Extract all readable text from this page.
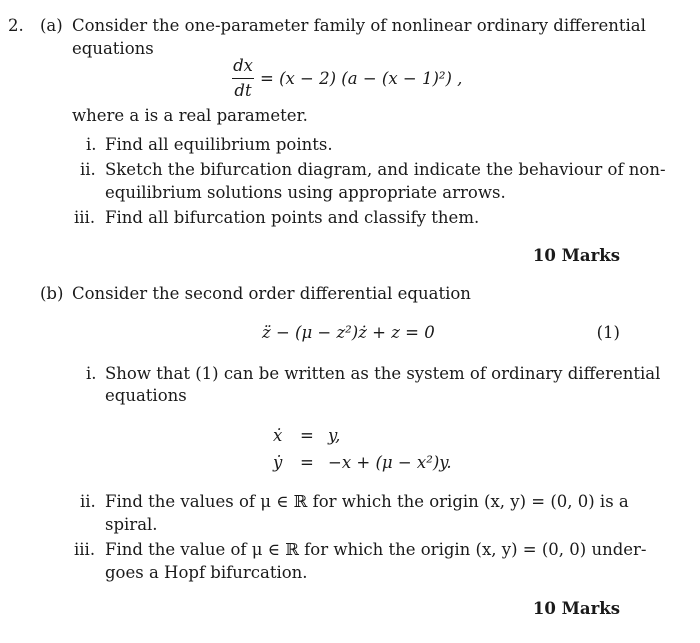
2. (a) Consider the one-parameter family of nonlinear ordinary differential
equations
dx
dt
= (x − 2) (a − (x − 1)²) ,
where a is a real parameter.
i. Find all equilibrium points.
ii. Sketch the bifurcation diagram, and indicate the behaviour of non-
equilibrium solutions using appropriate arrows.
iii. Find all bifurcation points and classify them.
10 Marks
(b) Consider the second order differential equation
z̈ − (μ − z²)ż + z = 0	(1)
i. Show that (1) can be written as the system of ordinary differential
equations
ẋ = y,
ẏ = −x + (μ − x²)y.
ii. Find the values of μ ∈ ℝ for which the origin (x, y) = (0, 0) is a
spiral.
iii. Find the value of μ ∈ ℝ for which the origin (x, y) = (0, 0) under-
goes a Hopf bifurcation.
10 Marks
